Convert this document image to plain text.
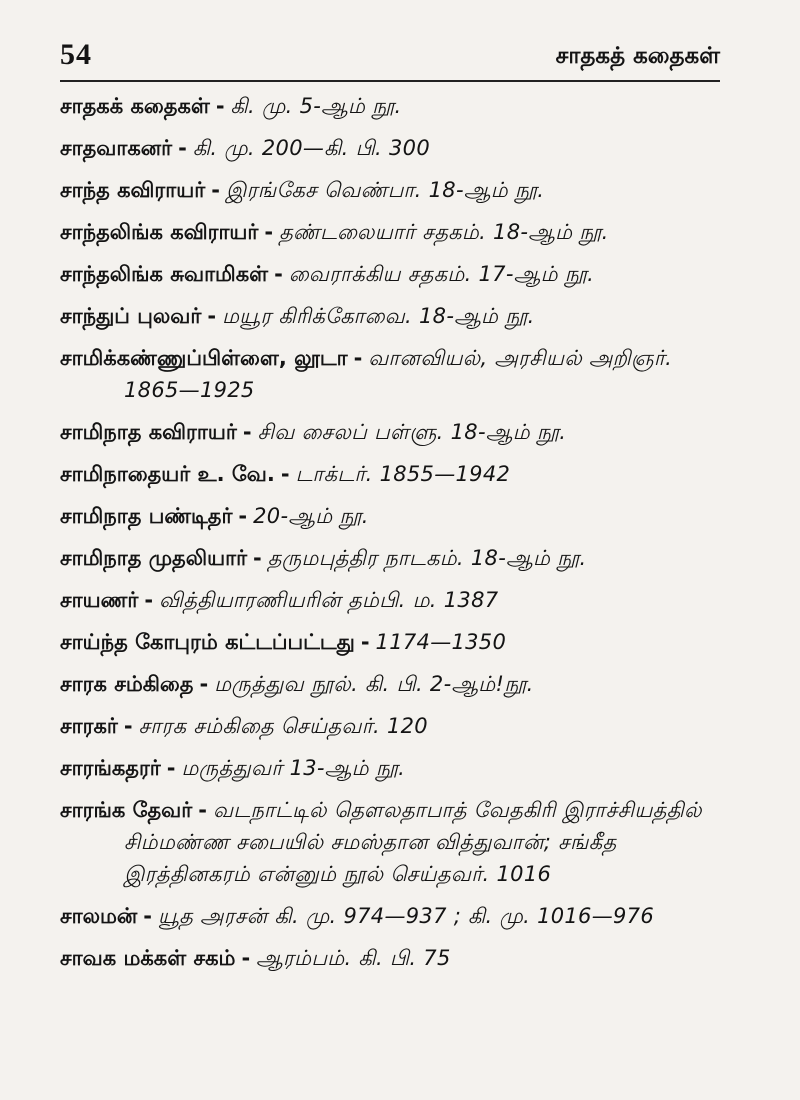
54	சாதகத் கதைகள்
சாதகக் கதைகள் - கி. மு. 5-ஆம் நூ.
சாதவாகனர் - கி. மு. 200—கி. பி. 300
சாந்த கவிராயர் - இரங்கேச வெண்பா. 18-ஆம் நூ.
சாந்தலிங்க கவிராயர் - தண்டலையார் சதகம். 18-ஆம் நூ.
சாந்தலிங்க சுவாமிகள் - வைராக்கிய சதகம். 17-ஆம் நூ.
சாந்துப் புலவர் - மயூர கிரிக்கோவை. 18-ஆம் நூ.
சாமிக்கண்ணுப்பிள்ளை, லூடா - வானவியல், அரசியல் அறிஞர். 1865—1925
சாமிநாத கவிராயர் - சிவ சைலப் பள்ளு. 18-ஆம் நூ.
சாமிநாதையர் உ. வே. - டாக்டர். 1855—1942
சாமிநாத பண்டிதர் - 20-ஆம் நூ.
சாமிநாத முதலியார் - தருமபுத்திர நாடகம். 18-ஆம் நூ.
சாயணர் - வித்தியாரணியரின் தம்பி. ம. 1387
சாய்ந்த கோபுரம் கட்டப்பட்டது - 1174—1350
சாரக சம்கிதை - மருத்துவ நூல். கி. பி. 2-ஆம்!நூ.
சாரகர் - சாரக சம்கிதை செய்தவர். 120
சாரங்கதரர் - மருத்துவர் 13-ஆம் நூ.
சாரங்க தேவர் - வடநாட்டில் தௌலதாபாத் வேதகிரி இராச்சியத்தில் சிம்மண்ண சபையில் சமஸ்தான வித்துவான்; சங்கீத இரத்தினகரம் என்னும் நூல் செய்தவர். 1016
சாலமன் - யூத அரசன் கி. மு. 974—937 ; கி. மு. 1016—976
சாவக மக்கள் சகம் - ஆரம்பம். கி. பி. 75
